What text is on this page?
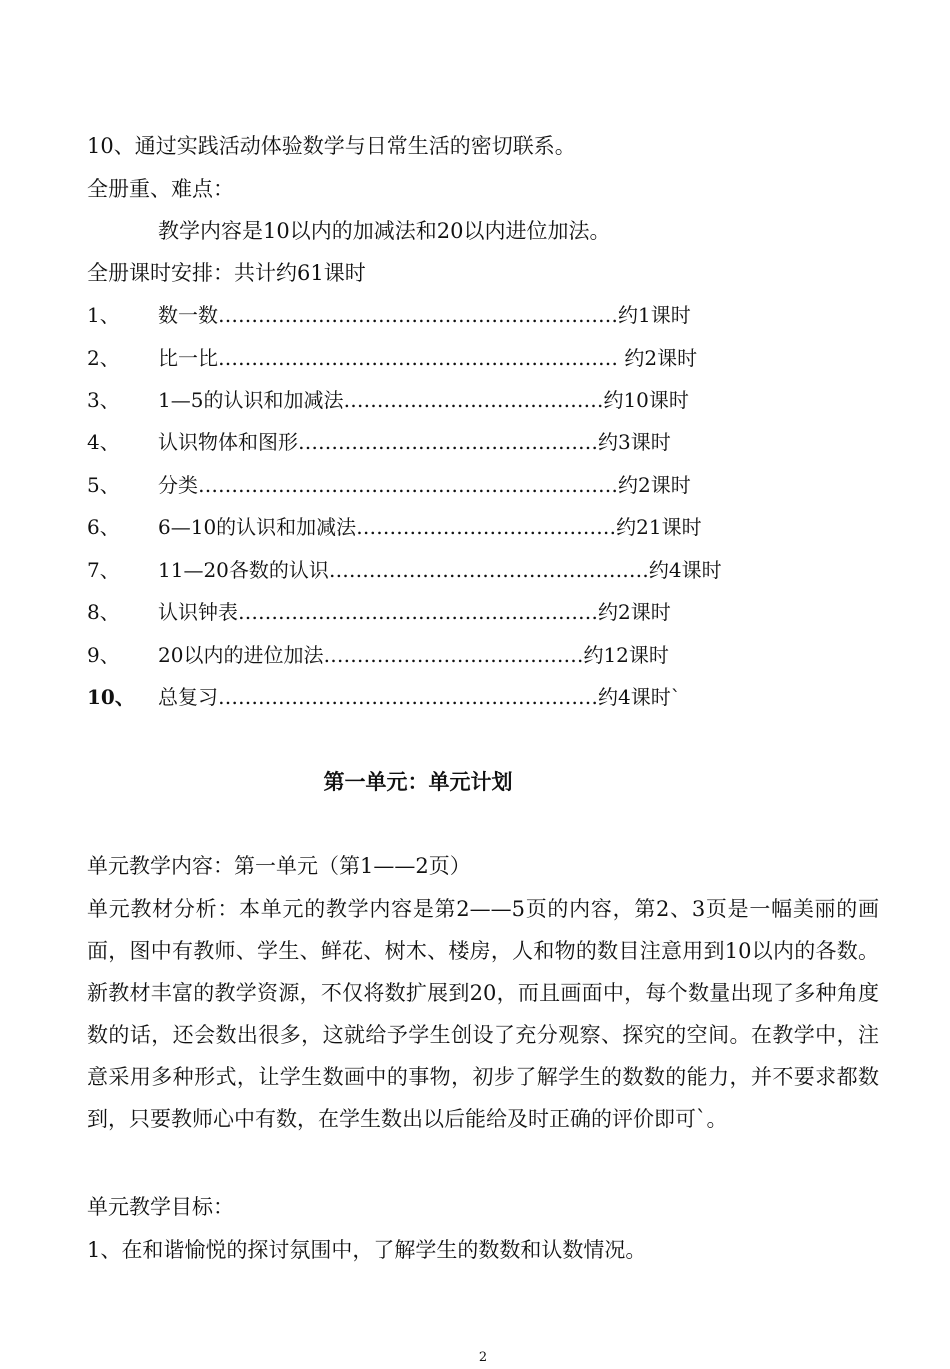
10、通过实践活动体验数学与日常生活的密切联系。
全册重、难点：
教学内容是10以内的加减法和20以内进位加法。
全册课时安排：共计约61课时
1、 数一数……………………………………………………约1课时
2、 比一比…………………………………………………… 约2课时
3、 1—5的认识和加减法…………………………………约10课时
4、 认识物体和图形………………………………………约3课时
5、 分类………………………………………………………约2课时
6、 6—10的认识和加减法…………………………………约21课时
7、 11—20各数的认识…………………………………………约4课时
8、 认识钟表………………………………………………约2课时
9、 20以内的进位加法…………………………………约12课时
10、 总复习…………………………………………………约4课时`
第一单元：单元计划
单元教学内容：第一单元（第1——2页）
单元教材分析：本单元的教学内容是第2——5页的内容，第2、3页是一幅美丽的画面，图中有教师、学生、鲜花、树木、楼房，人和物的数目注意用到10以内的各数。新教材丰富的教学资源，不仅将数扩展到20，而且画面中，每个数量出现了多种角度数的话，还会数出很多，这就给予学生创设了充分观察、探究的空间。在教学中，注意采用多种形式，让学生数画中的事物，初步了解学生的数数的能力，并不要求都数到，只要教师心中有数，在学生数出以后能给及时正确的评价即可`。
单元教学目标：
1、在和谐愉悦的探讨氛围中，了解学生的数数和认数情况。
2
